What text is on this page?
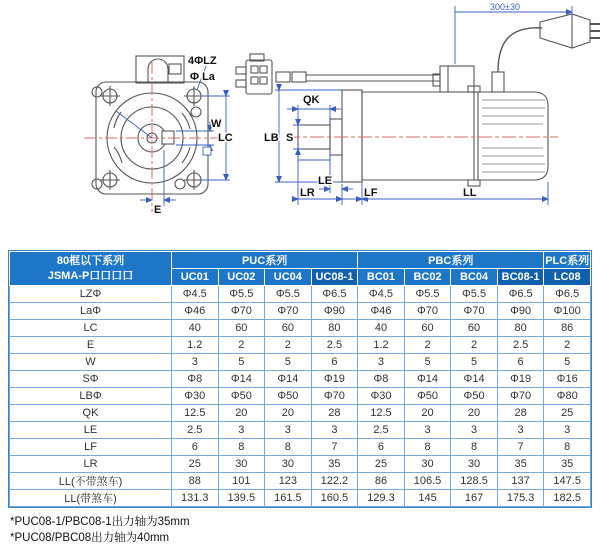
4ΦLZ
Φ La
W
LC
E
QK
LB S
LE
LR	LF	LL
300±30
80框以下系列
JSMA-P口口口口	PUC系列				PBC系列				PLC系列
	UC01	UC02	UC04	UC08-1	BC01	BC02	BC04	BC08-1	LC08
LZΦ	Φ4.5	Φ5.5	Φ5.5	Φ6.5	Φ4.5	Φ5.5	Φ5.5	Φ6.5	Φ6.5
LaΦ	Φ46	Φ70	Φ70	Φ90	Φ46	Φ70	Φ70	Φ90	Φ100
LC	40	60	60	80	40	60	60	80	86
E	1.2	2	2	2.5	1.2	2	2	2.5	2
W	3	5	5	6	3	5	5	6	5
SΦ	Φ8	Φ14	Φ14	Φ19	Φ8	Φ14	Φ14	Φ19	Φ16
LBΦ	Φ30	Φ50	Φ50	Φ70	Φ30	Φ50	Φ50	Φ70	Φ80
QK	12.5	20	20	28	12.5	20	20	28	25
LE	2.5	3	3	3	2.5	3	3	3	3
LF	6	8	8	7	6	8	8	7	8
LR	25	30	30	35	25	30	30	35	35
LL(不带煞车)	88	101	123	122.2	86	106.5	128.5	137	147.5
LL(带煞车)	131.3	139.5	161.5	160.5	129.3	145	167	175.3	182.5
*PUC08-1/PBC08-1出力轴为35mm
*PUC08/PBC08出力轴为40mm
